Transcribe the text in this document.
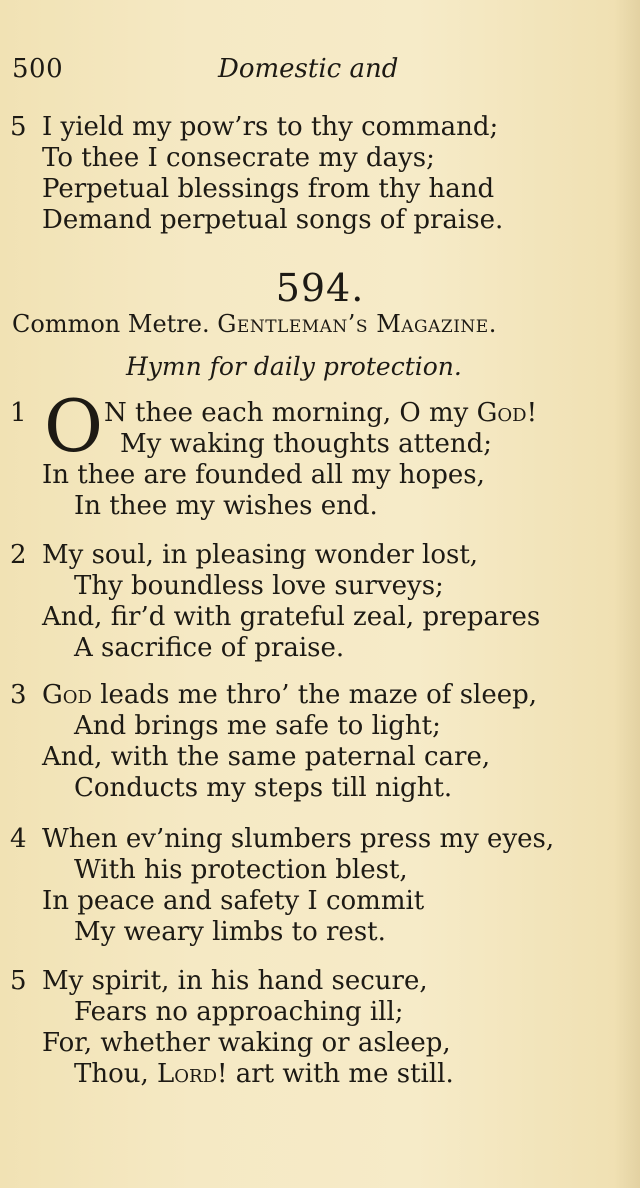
500	Domestic and
5 I yield my pow’rs to thy command;
To thee I consecrate my days;
Perpetual blessings from thy hand
Demand perpetual songs of praise.
594.
Common Metre. Gentleman’s Magazine.
Hymn for daily protection.
1 O N thee each morning, O my God!
My waking thoughts attend;
In thee are founded all my hopes,
In thee my wishes end.
2 My soul, in pleasing wonder lost,
Thy boundless love surveys;
And, fir’d with grateful zeal, prepares
A sacrifice of praise.
3 God leads me thro’ the maze of sleep,
And brings me safe to light;
And, with the same paternal care,
Conducts my steps till night.
4 When ev’ning slumbers press my eyes,
With his protection blest,
In peace and safety I commit
My weary limbs to rest.
5 My spirit, in his hand secure,
Fears no approaching ill;
For, whether waking or asleep,
Thou, Lord! art with me still.
